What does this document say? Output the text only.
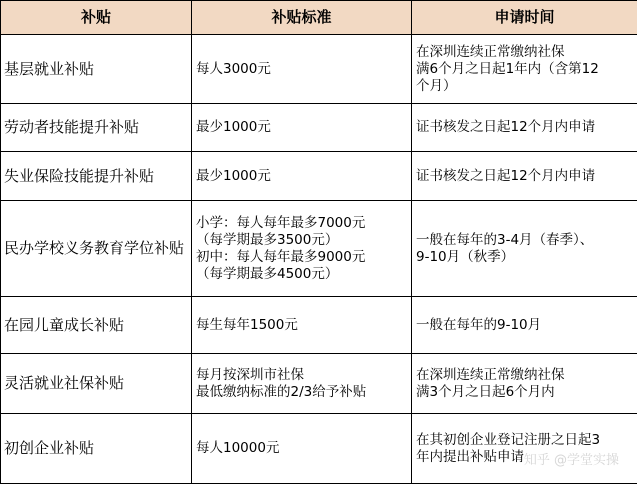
补贴	补贴标准	申请时间
基层就业补贴	每人3000元	在深圳连续正常缴纳社保
满6个月之日起1年内（含第12
个月）

劳动者技能提升补贴	最少1000元	证书核发之日起12个月内申请

失业保险技能提升补贴	最少1000元	证书核发之日起12个月内申请

民办学校义务教育学位补贴	小学：每人每年最多7000元
（每学期最多3500元）
初中：每人每年最多9000元
（每学期最多4500元）	一般在每年的3-4月（春季）、
9-10月（秋季）

在园儿童成长补贴	每生每年1500元	一般在每年的9-10月

灵活就业社保补贴	每月按深圳市社保
最低缴纳标准的2/3给予补贴	在深圳连续正常缴纳社保
满3个月之日起6个月内

初创企业补贴	每人10000元	在其初创企业登记注册之日起3
年内提出补贴申请 知乎 @学堂实操
